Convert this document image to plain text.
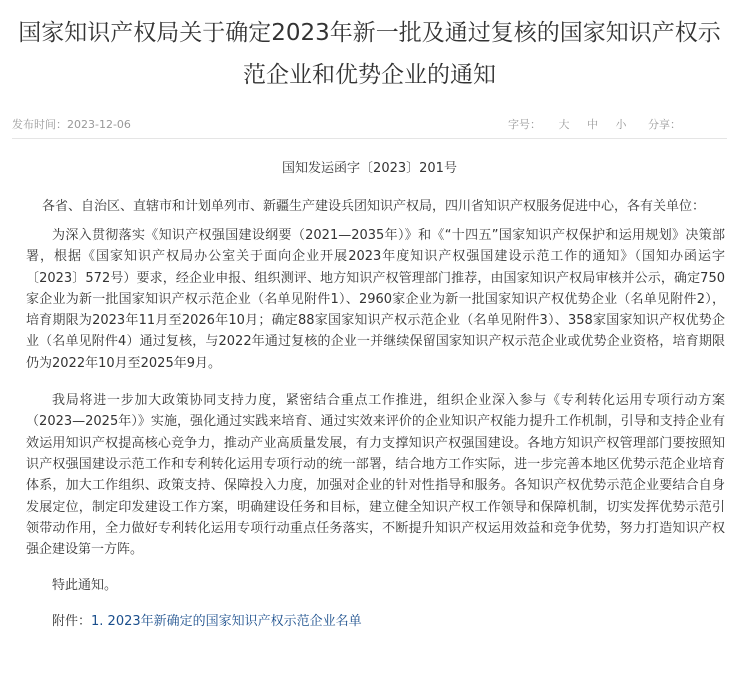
国家知识产权局关于确定2023年新一批及通过复核的国家知识产权示范企业和优势企业的通知
发布时间：2023-12-06	字号： 大 中 小	分享：
国知发运函字〔2023〕201号
各省、自治区、直辖市和计划单列市、新疆生产建设兵团知识产权局，四川省知识产权服务促进中心，各有关单位：

为深入贯彻落实《知识产权强国建设纲要（2021—2035年）》和《“十四五”国家知识产权保护和运用规划》决策部署，根据《国家知识产权局办公室关于面向企业开展2023年度知识产权强国建设示范工作的通知》（国知办函运字〔2023〕572号）要求，经企业申报、组织测评、地方知识产权管理部门推荐，由国家知识产权局审核并公示，确定750家企业为新一批国家知识产权示范企业（名单见附件1）、2960家企业为新一批国家知识产权优势企业（名单见附件2），培育期限为2023年11月至2026年10月；确定88家国家知识产权示范企业（名单见附件3）、358家国家知识产权优势企业（名单见附件4）通过复核，与2022年通过复核的企业一并继续保留国家知识产权示范企业或优势企业资格，培育期限仍为2022年10月至2025年9月。

我局将进一步加大政策协同支持力度，紧密结合重点工作推进，组织企业深入参与《专利转化运用专项行动方案（2023—2025年）》实施，强化通过实践来培育、通过实效来评价的企业知识产权能力提升工作机制，引导和支持企业有效运用知识产权提高核心竞争力，推动产业高质量发展，有力支撑知识产权强国建设。各地方知识产权管理部门要按照知识产权强国建设示范工作和专利转化运用专项行动的统一部署，结合地方工作实际，进一步完善本地区优势示范企业培育体系，加大工作组织、政策支持、保障投入力度，加强对企业的针对性指导和服务。各知识产权优势示范企业要结合自身发展定位，制定印发建设工作方案，明确建设任务和目标，建立健全知识产权工作领导和保障机制，切实发挥优势示范引领带动作用，全力做好专利转化运用专项行动重点任务落实，不断提升知识产权运用效益和竞争优势，努力打造知识产权强企建设第一方阵。

特此通知。
附件：1. 2023年新确定的国家知识产权示范企业名单
